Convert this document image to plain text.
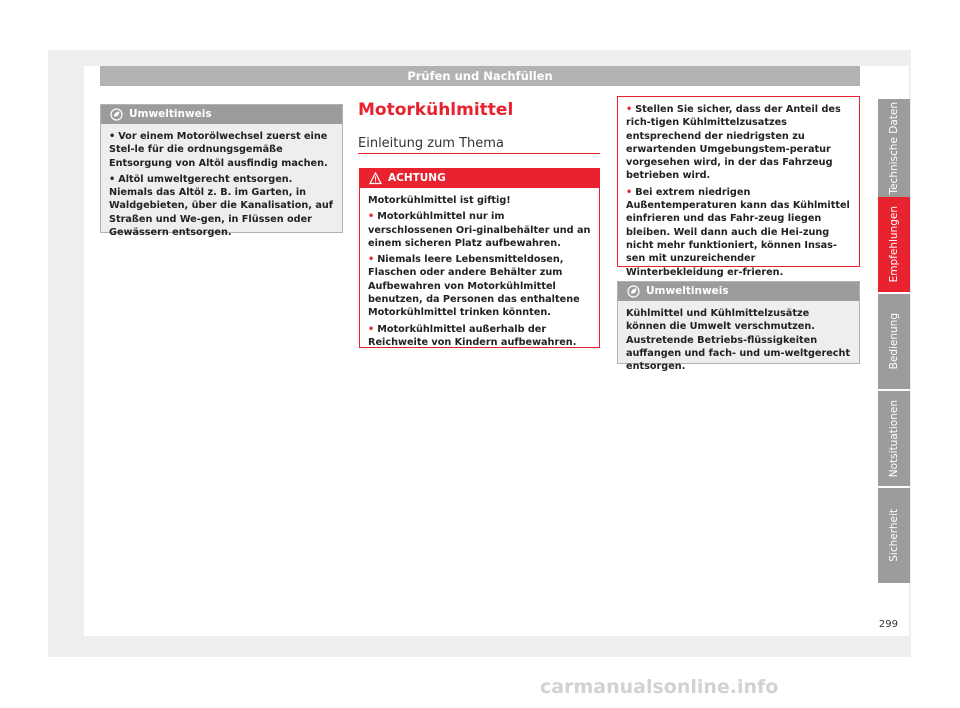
Prüfen und Nachfüllen
Technische Daten
Empfehlungen
Bedienung
Notsituationen
Sicherheit
299
Umweltinweis

• Vor einem Motorölwechsel zuerst eine Stel-le für die ordnungsgemäße Entsorgung von Altöl ausfindig machen.

• Altöl umweltgerecht entsorgen. Niemals das Altöl z. B. im Garten, in Waldgebieten, über die Kanalisation, auf Straßen und We-gen, in Flüssen oder Gewässern entsorgen.

Motorkühlmittel
Einleitung zum Thema
ACHTUNG

Motorkühlmittel ist giftig!

• Motorkühlmittel nur im verschlossenen Ori-ginalbehälter und an einem sicheren Platz aufbewahren.

• Niemals leere Lebensmitteldosen, Flaschen oder andere Behälter zum Aufbewahren von Motorkühlmittel benutzen, da Personen das enthaltene Motorkühlmittel trinken könnten.

• Motorkühlmittel außerhalb der Reichweite von Kindern aufbewahren.

• Stellen Sie sicher, dass der Anteil des rich-tigen Kühlmittelzusatzes entsprechend der niedrigsten zu erwartenden Umgebungstem-peratur vorgesehen wird, in der das Fahrzeug betrieben wird.

• Bei extrem niedrigen Außentemperaturen kann das Kühlmittel einfrieren und das Fahr-zeug liegen bleiben. Weil dann auch die Hei-zung nicht mehr funktioniert, können Insas-sen mit unzureichender Winterbekleidung er-frieren.

Umweltinweis

Kühlmittel und Kühlmittelzusätze können die Umwelt verschmutzen. Austretende Betriebs-flüssigkeiten auffangen und fach- und um-weltgerecht entsorgen.

carmanualsonline.info
